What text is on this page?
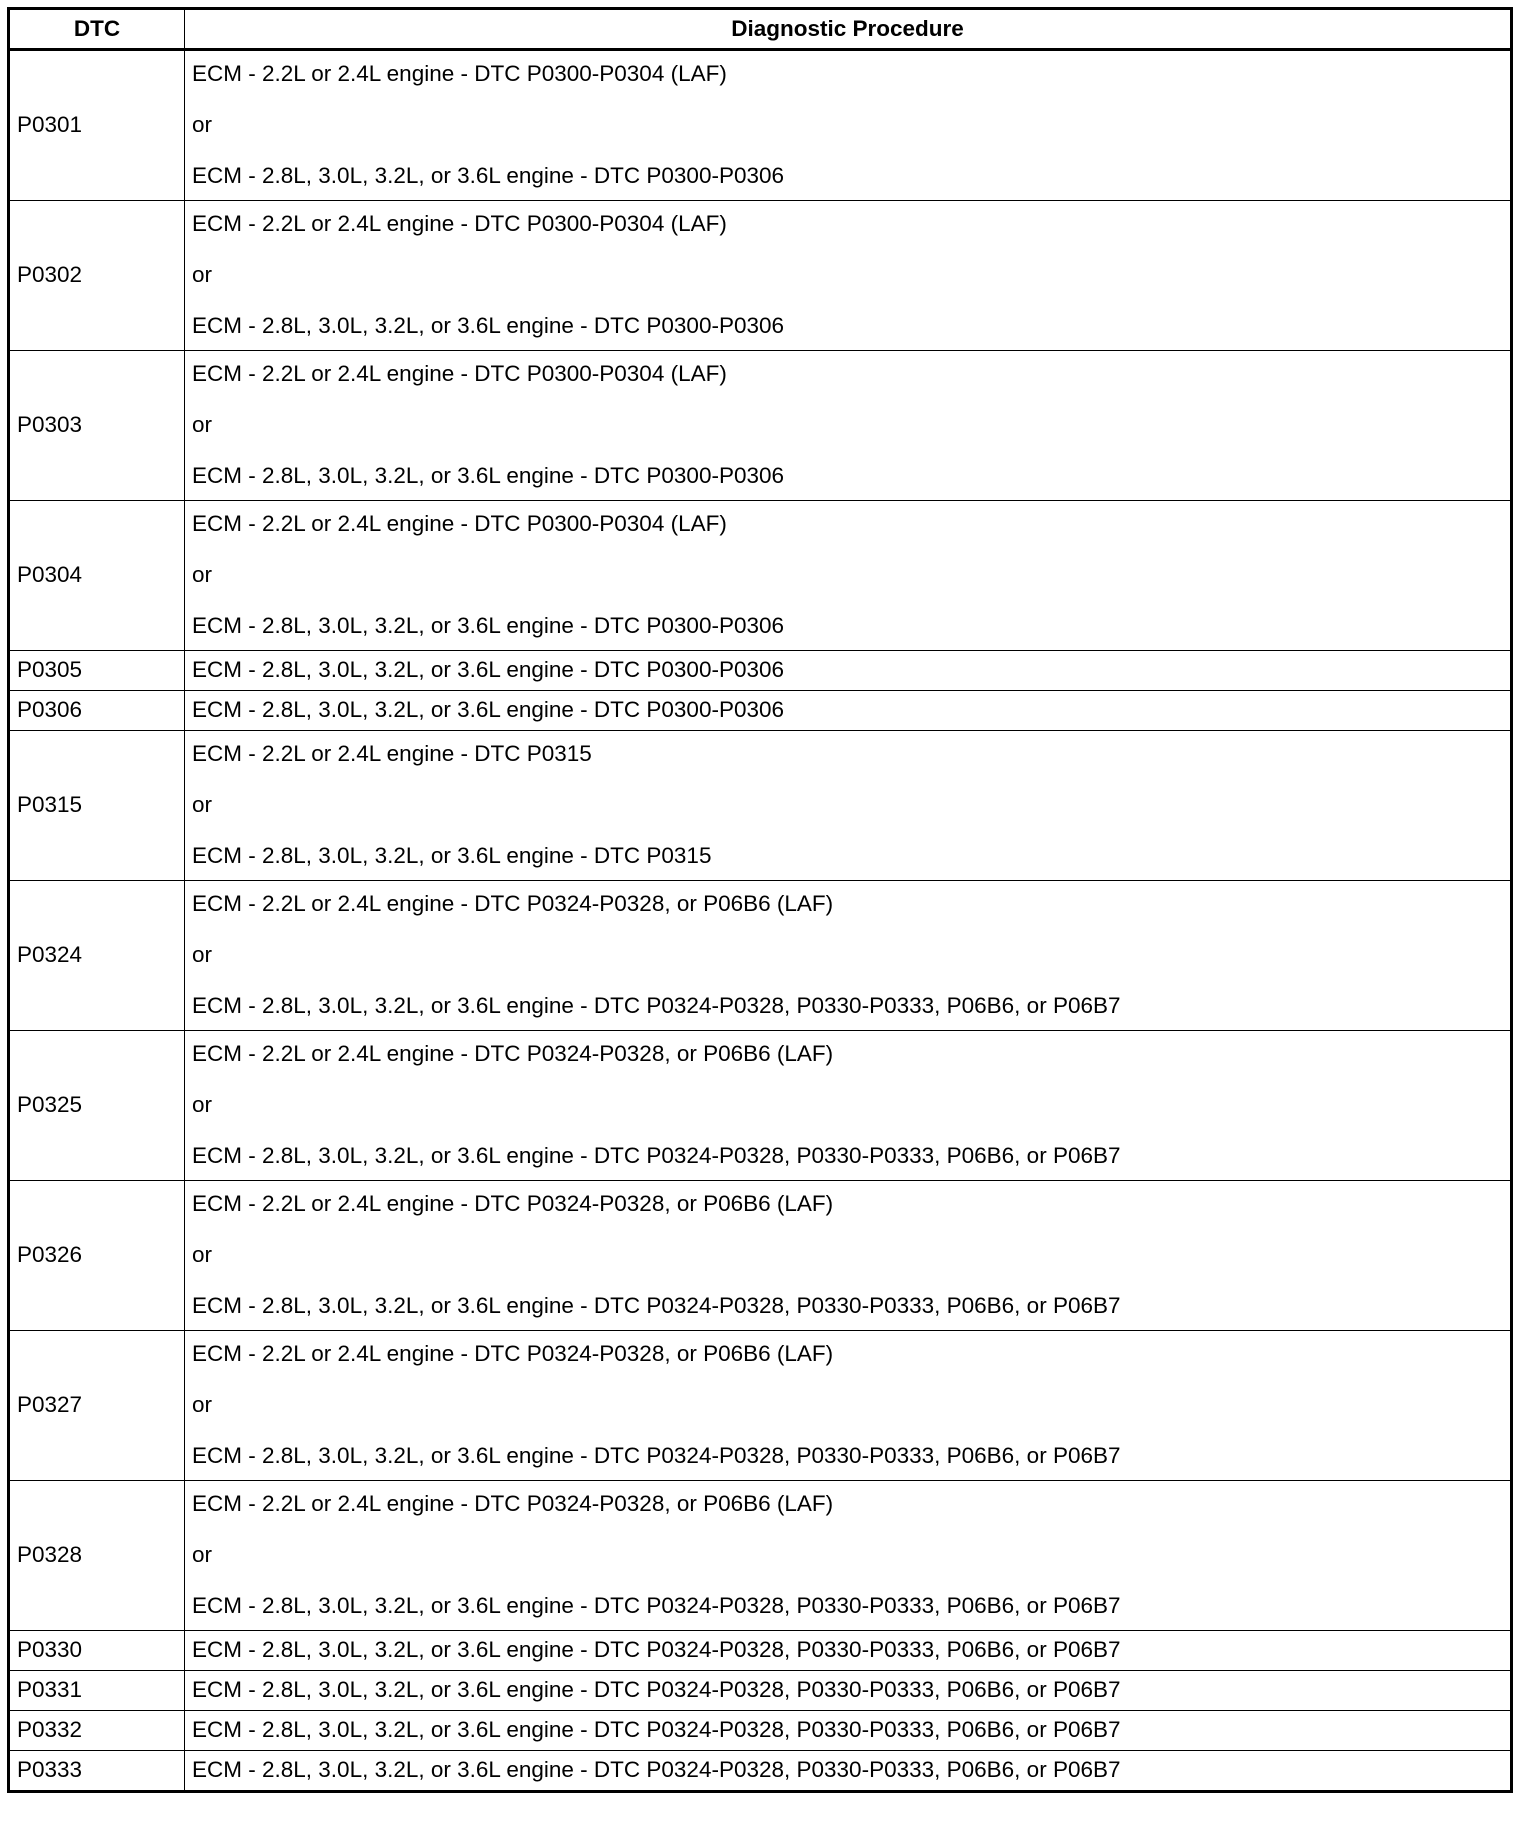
DTC	Diagnostic Procedure
P0301	ECM - 2.2L or 2.4L engine - DTC P0300-P0304 (LAF)
or
ECM - 2.8L, 3.0L, 3.2L, or 3.6L engine - DTC P0300-P0306

P0302	ECM - 2.2L or 2.4L engine - DTC P0300-P0304 (LAF)
or
ECM - 2.8L, 3.0L, 3.2L, or 3.6L engine - DTC P0300-P0306

P0303	ECM - 2.2L or 2.4L engine - DTC P0300-P0304 (LAF)
or
ECM - 2.8L, 3.0L, 3.2L, or 3.6L engine - DTC P0300-P0306

P0304	ECM - 2.2L or 2.4L engine - DTC P0300-P0304 (LAF)
or
ECM - 2.8L, 3.0L, 3.2L, or 3.6L engine - DTC P0300-P0306

P0305	ECM - 2.8L, 3.0L, 3.2L, or 3.6L engine - DTC P0300-P0306
P0306	ECM - 2.8L, 3.0L, 3.2L, or 3.6L engine - DTC P0300-P0306
P0315	ECM - 2.2L or 2.4L engine - DTC P0315
or
ECM - 2.8L, 3.0L, 3.2L, or 3.6L engine - DTC P0315

P0324	ECM - 2.2L or 2.4L engine - DTC P0324-P0328, or P06B6 (LAF)
or
ECM - 2.8L, 3.0L, 3.2L, or 3.6L engine - DTC P0324-P0328, P0330-P0333, P06B6, or P06B7

P0325	ECM - 2.2L or 2.4L engine - DTC P0324-P0328, or P06B6 (LAF)
or
ECM - 2.8L, 3.0L, 3.2L, or 3.6L engine - DTC P0324-P0328, P0330-P0333, P06B6, or P06B7

P0326	ECM - 2.2L or 2.4L engine - DTC P0324-P0328, or P06B6 (LAF)
or
ECM - 2.8L, 3.0L, 3.2L, or 3.6L engine - DTC P0324-P0328, P0330-P0333, P06B6, or P06B7

P0327	ECM - 2.2L or 2.4L engine - DTC P0324-P0328, or P06B6 (LAF)
or
ECM - 2.8L, 3.0L, 3.2L, or 3.6L engine - DTC P0324-P0328, P0330-P0333, P06B6, or P06B7

P0328	ECM - 2.2L or 2.4L engine - DTC P0324-P0328, or P06B6 (LAF)
or
ECM - 2.8L, 3.0L, 3.2L, or 3.6L engine - DTC P0324-P0328, P0330-P0333, P06B6, or P06B7

P0330	ECM - 2.8L, 3.0L, 3.2L, or 3.6L engine - DTC P0324-P0328, P0330-P0333, P06B6, or P06B7
P0331	ECM - 2.8L, 3.0L, 3.2L, or 3.6L engine - DTC P0324-P0328, P0330-P0333, P06B6, or P06B7
P0332	ECM - 2.8L, 3.0L, 3.2L, or 3.6L engine - DTC P0324-P0328, P0330-P0333, P06B6, or P06B7
P0333	ECM - 2.8L, 3.0L, 3.2L, or 3.6L engine - DTC P0324-P0328, P0330-P0333, P06B6, or P06B7
